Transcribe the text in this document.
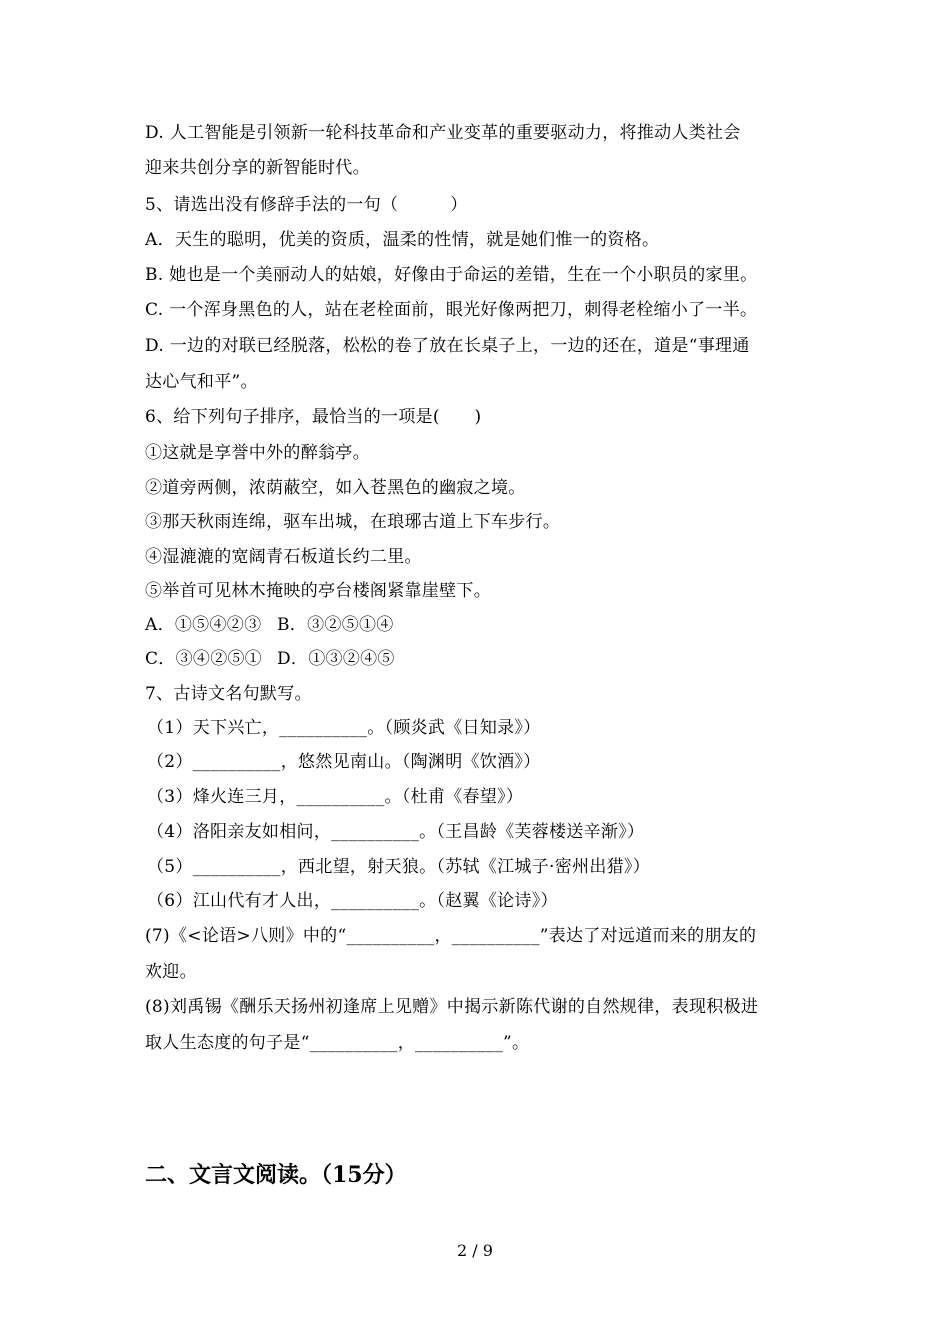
D. 人工智能是引领新一轮科技革命和产业变革的重要驱动力，将推动人类社会
迎来共创分享的新智能时代。
5、请选出没有修辞手法的一句（　　　）
A．天生的聪明，优美的资质，温柔的性情，就是她们惟一的资格。
B. 她也是一个美丽动人的姑娘，好像由于命运的差错，生在一个小职员的家里。
C. 一个浑身黑色的人，站在老栓面前，眼光好像两把刀，刺得老栓缩小了一半。
D. 一边的对联已经脱落，松松的卷了放在长桌子上，一边的还在，道是“事理通
达心气和平”。
6、给下列句子排序，最恰当的一项是(　　)
①这就是享誉中外的醉翁亭。
②道旁两侧，浓荫蔽空，如入苍黑色的幽寂之境。
③那天秋雨连绵，驱车出城，在琅琊古道上下车步行。
④湿漉漉的宽阔青石板道长约二里。
⑤举首可见林木掩映的亭台楼阁紧靠崖壁下。
A．①⑤④②③ B．③②⑤①④
C．③④②⑤① D．①③②④⑤
7、古诗文名句默写。
（1）天下兴亡，__________。（顾炎武《日知录》）
（2）__________，悠然见南山。（陶渊明《饮酒》）
（3）烽火连三月，__________。（杜甫《春望》）
（4）洛阳亲友如相问，__________。（王昌龄《芙蓉楼送辛渐》）
（5）__________，西北望，射天狼。（苏轼《江城子·密州出猎》）
（6）江山代有才人出，__________。（赵翼《论诗》）
(7)《<论语>八则》中的“__________，__________”表达了对远道而来的朋友的
欢迎。
(8)刘禹锡《酬乐天扬州初逢席上见赠》中揭示新陈代谢的自然规律，表现积极进
取人生态度的句子是“__________，__________”。
二、文言文阅读。（15分）
2 / 9
